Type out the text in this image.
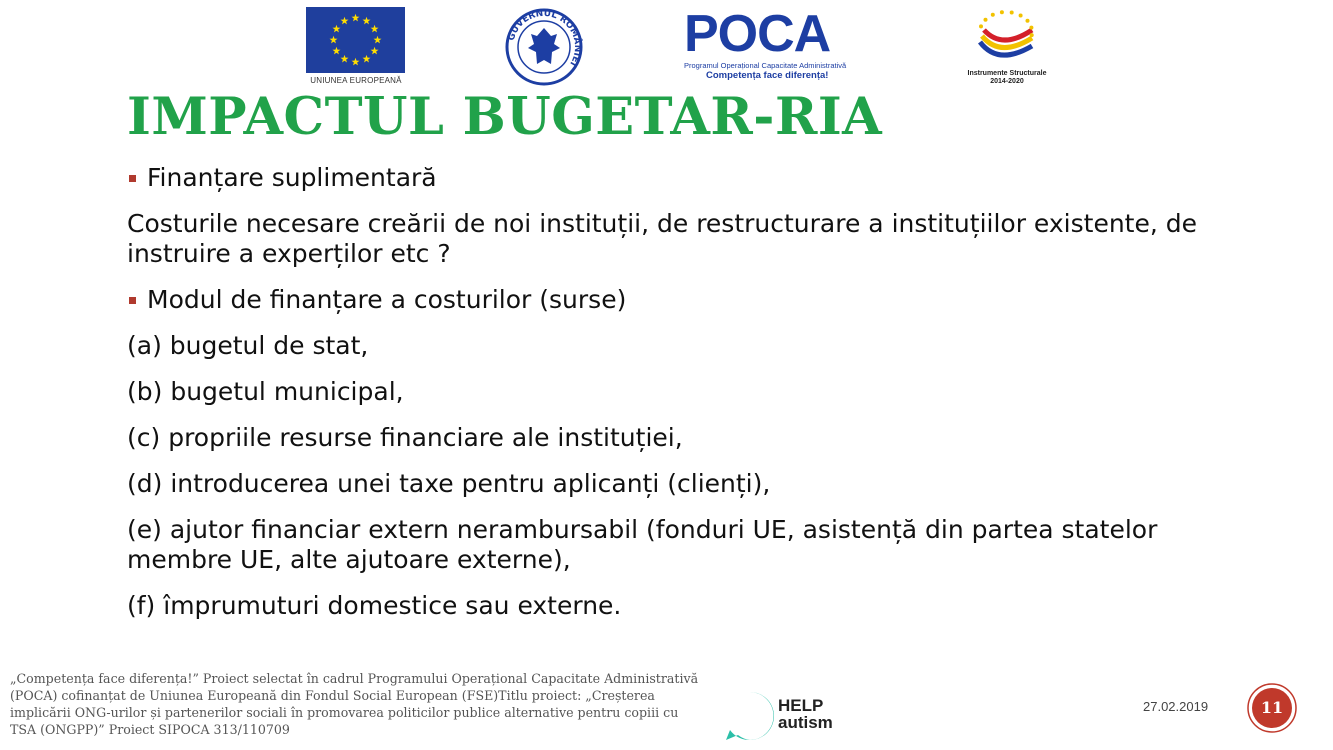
UNIUNEA EUROPEANĂ
GUVERNUL ROMÂNIEI
POCA
Programul Operațional Capacitate Administrativă
Competența face diferența!	Instrumente Structurale
2014-2020
IMPACTUL BUGETAR-RIA

Finanțare suplimentară

Costurile necesare creării de noi instituții, de restructurare a instituțiilor existente, de instruire a experților etc ?

Modul de finanțare a costurilor (surse)

(a) bugetul de stat,

(b) bugetul municipal,

(c) propriile resurse financiare ale instituției,

(d) introducerea unei taxe pentru aplicanți (clienți),

(e) ajutor financiar extern nerambursabil (fonduri UE, asistență din partea statelor membre UE, alte ajutoare externe),

(f) împrumuturi domestice sau externe.

„Competența face diferența!” Proiect selectat în cadrul Programului Operațional Capacitate Administrativă (POCA) cofinanțat de Uniunea Europeană din Fondul Social European (FSE)Titlu proiect: „Creșterea implicării ONG-urilor și partenerilor sociali în promovarea politicilor publice alternative pentru copiii cu TSA (ONGPP)” Proiect SIPOCA 313/110709
HELP
autism
27.02.2019	11
